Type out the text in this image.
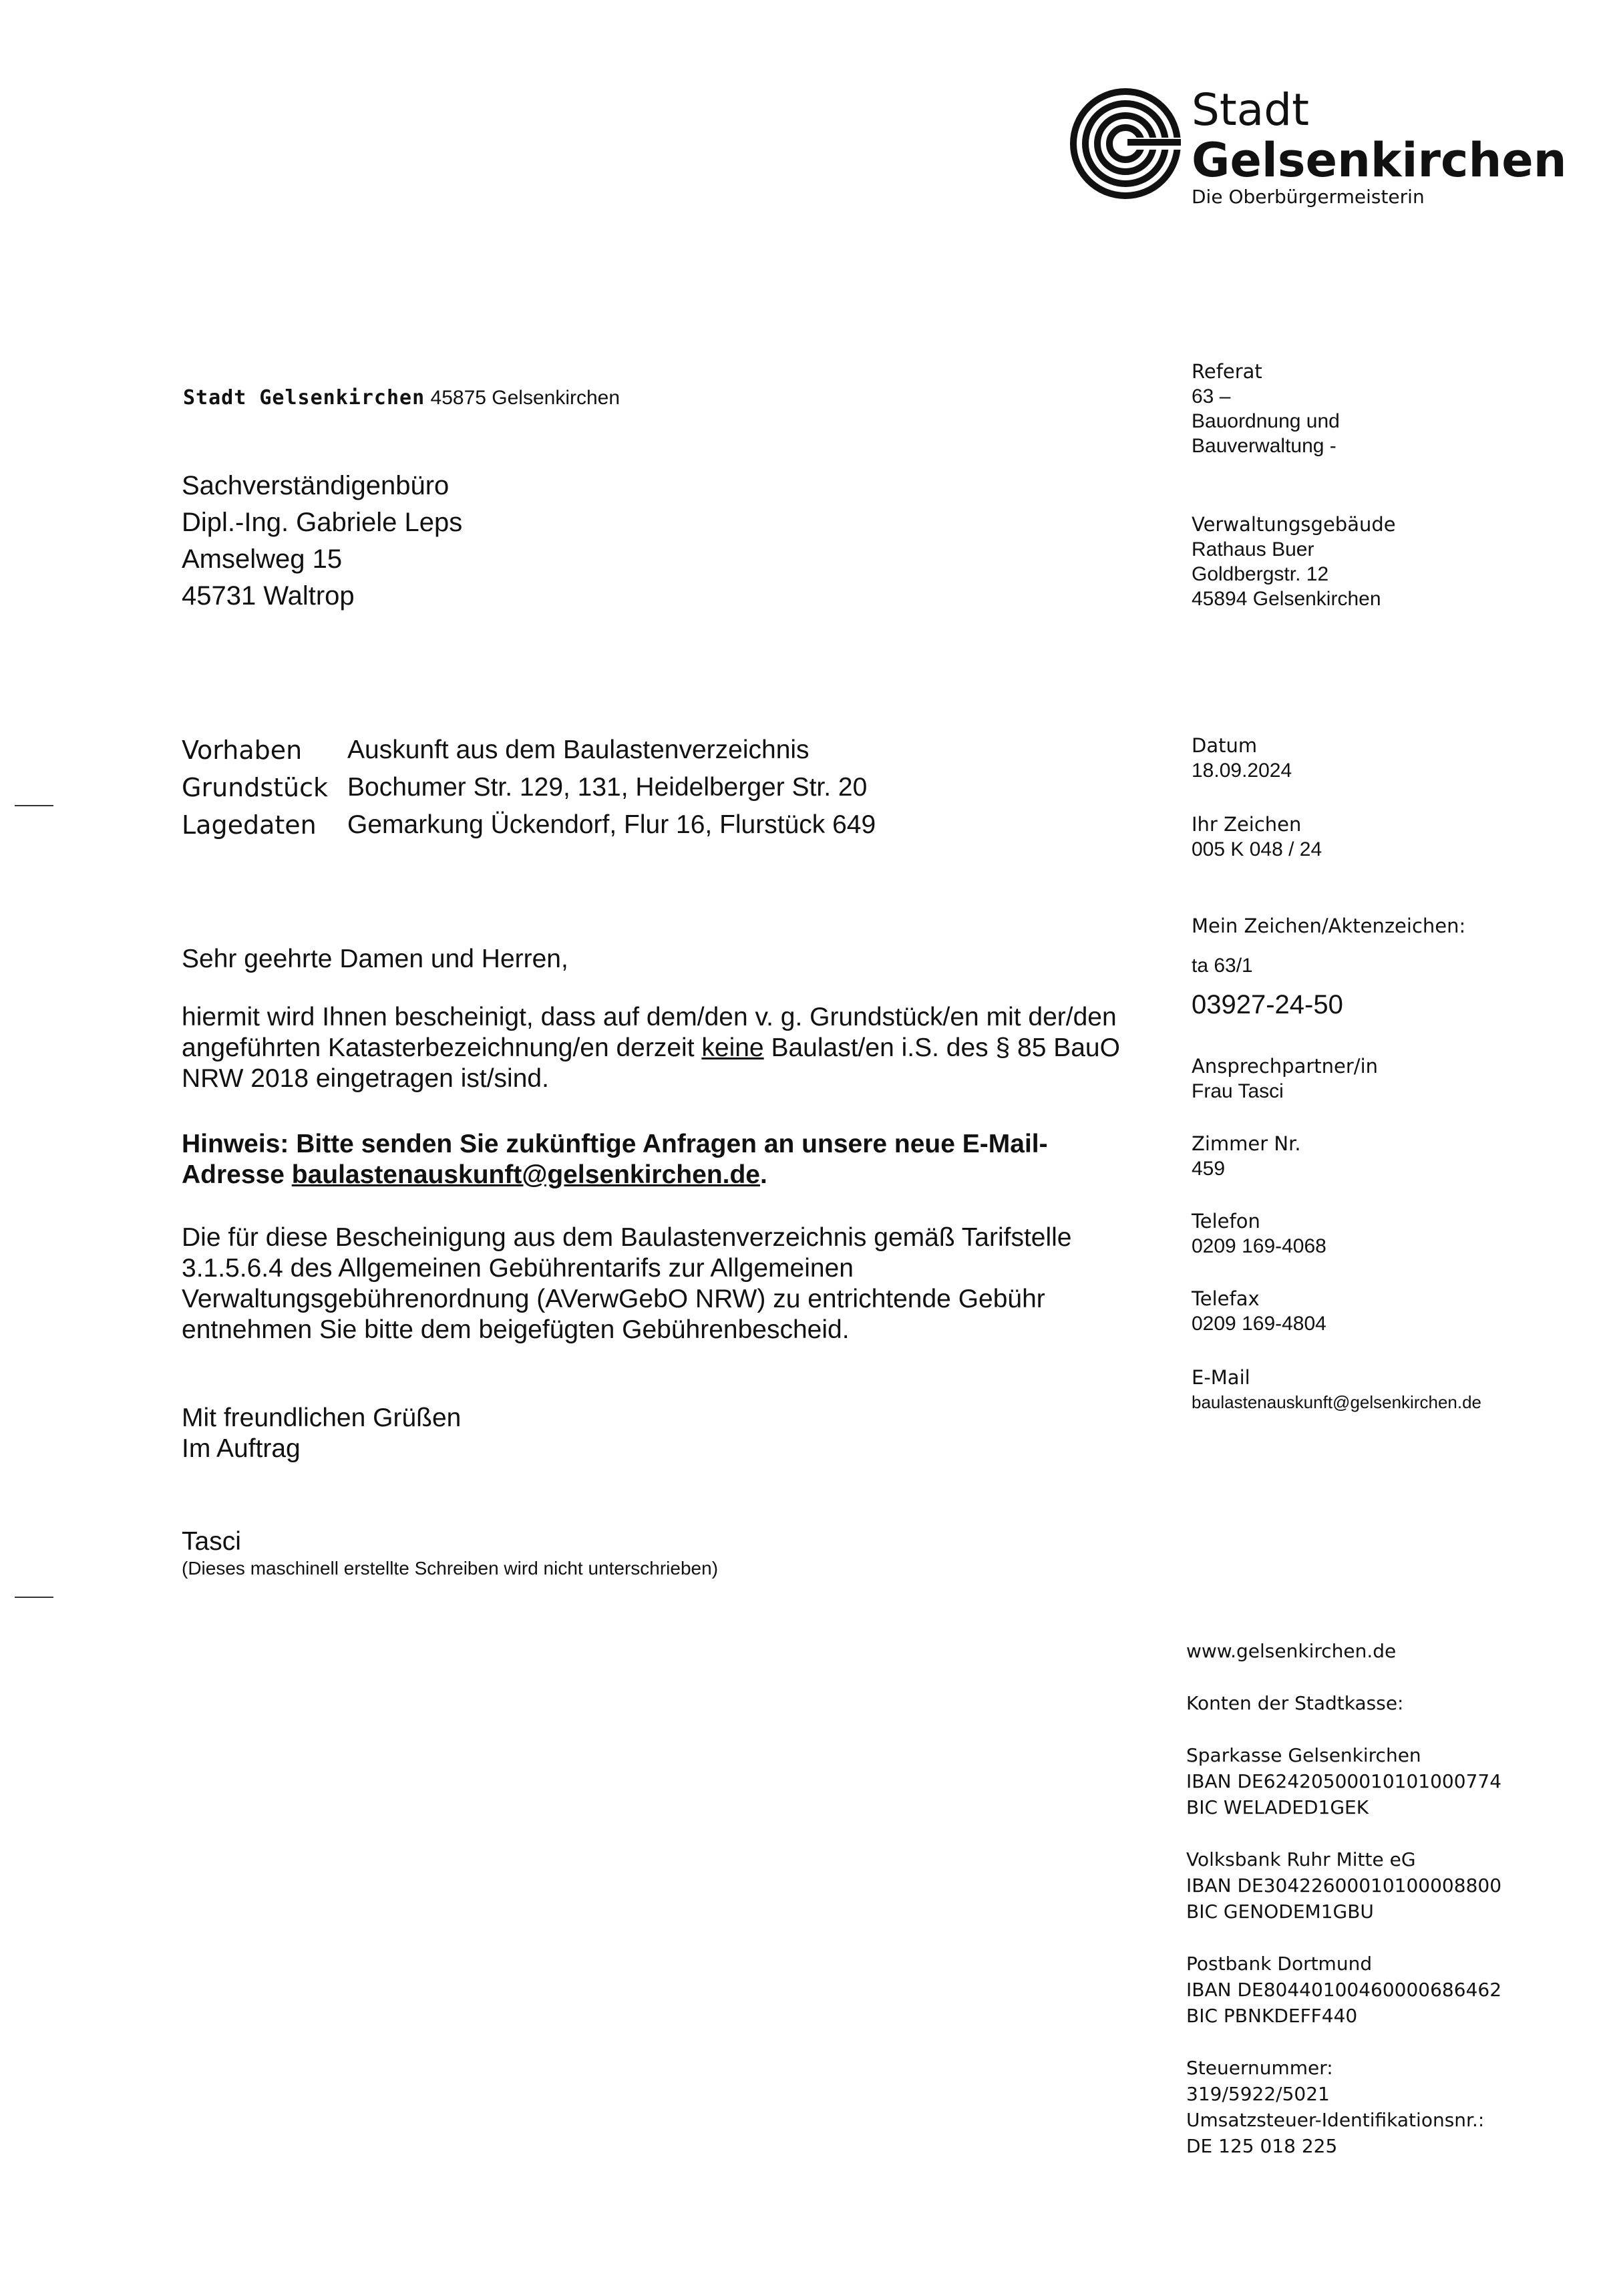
Stadt
Gelsenkirchen
Die Oberbürgermeisterin
Stadt Gelsenkirchen 45875 Gelsenkirchen
Sachverständigenbüro
Dipl.-Ing. Gabriele Leps
Amselweg 15
45731 Waltrop
Referat
63 –
Bauordnung und
Bauverwaltung -
Verwaltungsgebäude
Rathaus Buer
Goldbergstr. 12
45894 Gelsenkirchen
Vorhaben	Auskunft aus dem Baulastenverzeichnis
Grundstück Bochumer Str. 129, 131, Heidelberger Str. 20
Lagedaten	Gemarkung Ückendorf, Flur 16, Flurstück 649
Datum
18.09.2024
Ihr Zeichen
005 K 048 / 24
Mein Zeichen/Aktenzeichen:
ta 63/1
03927-24-50
Ansprechpartner/in
Frau Tasci
Zimmer Nr.
459
Telefon
0209 169-4068
Telefax
0209 169-4804
E-Mail
baulastenauskunft@gelsenkirchen.de
Sehr geehrte Damen und Herren,

hiermit wird Ihnen bescheinigt, dass auf dem/den v. g. Grundstück/en mit der/den angeführten Katasterbezeichnung/en derzeit keine Baulast/en i.S. des § 85 BauO NRW 2018 eingetragen ist/sind.

Hinweis: Bitte senden Sie zukünftige Anfragen an unsere neue E-Mail-Adresse baulastenauskunft@gelsenkirchen.de.

Die für diese Bescheinigung aus dem Baulastenverzeichnis gemäß Tarifstelle 3.1.5.6.4 des Allgemeinen Gebührentarifs zur Allgemeinen Verwaltungsgebührenordnung (AVerwGebO NRW) zu entrichtende Gebühr entnehmen Sie bitte dem beigefügten Gebührenbescheid.
Mit freundlichen Grüßen
Im Auftrag
Tasci
(Dieses maschinell erstellte Schreiben wird nicht unterschrieben)
www.gelsenkirchen.de
Konten der Stadtkasse:
Sparkasse Gelsenkirchen
IBAN DE62420500010101000774
BIC WELADED1GEK
Volksbank Ruhr Mitte eG
IBAN DE30422600010100008800
BIC GENODEM1GBU
Postbank Dortmund
IBAN DE80440100460000686462
BIC PBNKDEFF440
Steuernummer:
319/5922/5021
Umsatzsteuer-Identifikationsnr.:
DE 125 018 225
